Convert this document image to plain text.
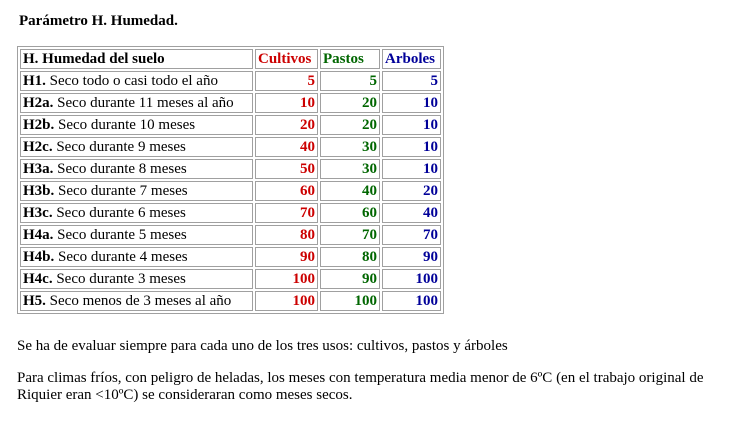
Parámetro H. Humedad.
H. Humedad del suelo	Cultivos	Pastos	Arboles
H1. Seco todo o casi todo el año	5	5	5
H2a. Seco durante 11 meses al año	10	20	10
H2b. Seco durante 10 meses	20	20	10
H2c. Seco durante 9 meses	40	30	10
H3a. Seco durante 8 meses	50	30	10
H3b. Seco durante 7 meses	60	40	20
H3c. Seco durante 6 meses	70	60	40
H4a. Seco durante 5 meses	80	70	70
H4b. Seco durante 4 meses	90	80	90
H4c. Seco durante 3 meses	100	90	100
H5. Seco menos de 3 meses al año	100	100	100

Se ha de evaluar siempre para cada uno de los tres usos: cultivos, pastos y árboles

Para climas fríos, con peligro de heladas, los meses con temperatura media menor de 6ºC (en el trabajo original de Riquier eran <10ºC) se consideraran como meses secos.
